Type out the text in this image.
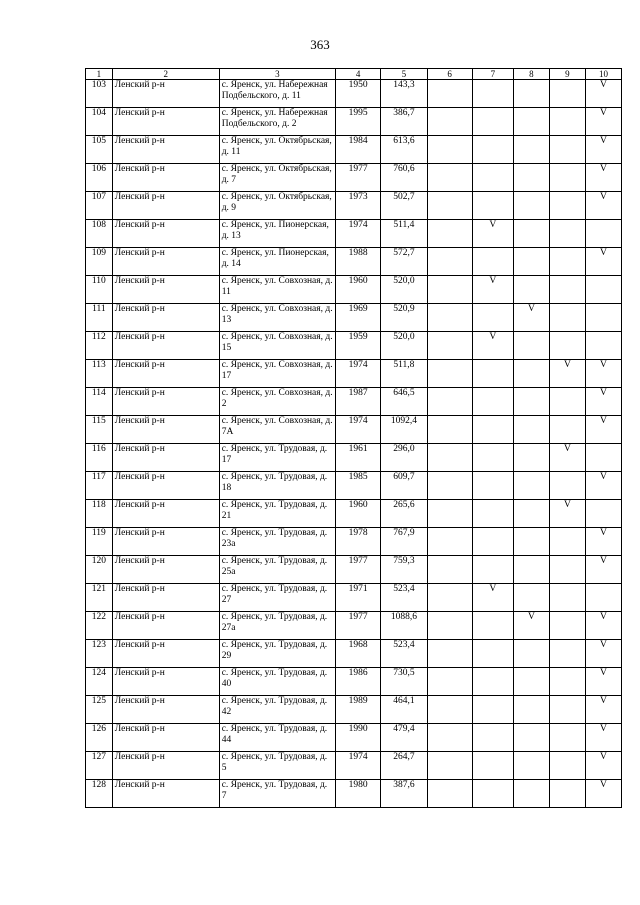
363
1	2	3	4	5	6	7	8	9	10
103	Ленский р-н	с. Яренск, ул. Набережная Подбельского, д. 11	1950	143,3					V
104	Ленский р-н	с. Яренск, ул. Набережная Подбельского, д. 2	1995	386,7					V
105	Ленский р-н	с. Яренск, ул. Октябрьская, д. 11	1984	613,6					V
106	Ленский р-н	с. Яренск, ул. Октябрьская, д. 7	1977	760,6					V
107	Ленский р-н	с. Яренск, ул. Октябрьская, д. 9	1973	502,7					V
108	Ленский р-н	с. Яренск, ул. Пионерская, д. 13	1974	511,4		V			
109	Ленский р-н	с. Яренск, ул. Пионерская, д. 14	1988	572,7					V
110	Ленский р-н	с. Яренск, ул. Совхозная, д. 11	1960	520,0		V			
111	Ленский р-н	с. Яренск, ул. Совхозная, д. 13	1969	520,9			V		
112	Ленский р-н	с. Яренск, ул. Совхозная, д. 15	1959	520,0		V			
113	Ленский р-н	с. Яренск, ул. Совхозная, д. 17	1974	511,8				V	V
114	Ленский р-н	с. Яренск, ул. Совхозная, д. 2	1987	646,5					V
115	Ленский р-н	с. Яренск, ул. Совхозная, д. 7А	1974	1092,4					V
116	Ленский р-н	с. Яренск, ул. Трудовая, д. 17	1961	296,0				V	
117	Ленский р-н	с. Яренск, ул. Трудовая, д. 18	1985	609,7					V
118	Ленский р-н	с. Яренск, ул. Трудовая, д. 21	1960	265,6				V	
119	Ленский р-н	с. Яренск, ул. Трудовая, д. 23а	1978	767,9					V
120	Ленский р-н	с. Яренск, ул. Трудовая, д. 25а	1977	759,3					V
121	Ленский р-н	с. Яренск, ул. Трудовая, д. 27	1971	523,4		V			
122	Ленский р-н	с. Яренск, ул. Трудовая, д. 27а	1977	1088,6			V		V
123	Ленский р-н	с. Яренск, ул. Трудовая, д. 29	1968	523,4					V
124	Ленский р-н	с. Яренск, ул. Трудовая, д. 40	1986	730,5					V
125	Ленский р-н	с. Яренск, ул. Трудовая, д. 42	1989	464,1					V
126	Ленский р-н	с. Яренск, ул. Трудовая, д. 44	1990	479,4					V
127	Ленский р-н	с. Яренск, ул. Трудовая, д. 5	1974	264,7					V
128	Ленский р-н	с. Яренск, ул. Трудовая, д. 7	1980	387,6					V
